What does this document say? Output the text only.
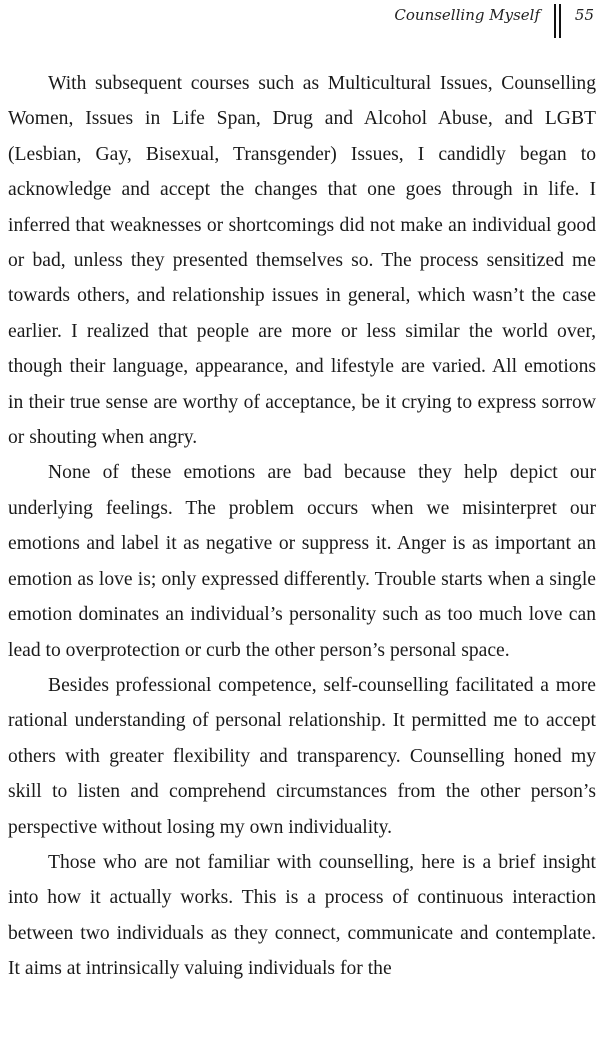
Counselling Myself 55

With subsequent courses such as Multicultural Issues, Counselling Women, Issues in Life Span, Drug and Alcohol Abuse, and LGBT (Lesbian, Gay, Bisexual, Transgender) Issues, I candidly began to acknowledge and accept the changes that one goes through in life. I inferred that weaknesses or shortcomings did not make an individual good or bad, unless they presented themselves so. The process sensitized me towards others, and relationship issues in general, which wasn’t the case earlier. I realized that people are more or less similar the world over, though their language, appearance, and lifestyle are varied. All emotions in their true sense are worthy of acceptance, be it crying to express sorrow or shouting when angry.

None of these emotions are bad because they help depict our underlying feelings. The problem occurs when we misinterpret our emotions and label it as negative or suppress it. Anger is as important an emotion as love is; only expressed differently. Trouble starts when a single emotion dominates an individual’s personality such as too much love can lead to overprotection or curb the other person’s personal space.

Besides professional competence, self-counselling facilitated a more rational understanding of personal relationship. It permitted me to accept others with greater flexibility and transparency. Counselling honed my skill to listen and comprehend circumstances from the other person’s perspective without losing my own individuality.

Those who are not familiar with counselling, here is a brief insight into how it actually works. This is a process of continuous interaction between two individuals as they connect, communicate and contemplate. It aims at intrinsically valuing individuals for the
